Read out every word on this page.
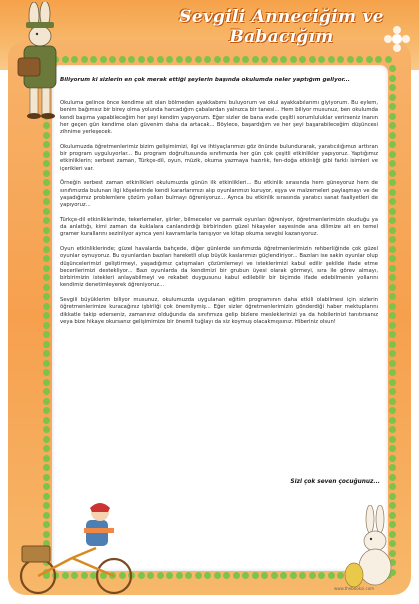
Sevgili Anneciğim ve Babacığım
Biliyorum ki sizlerin en çok merak ettiği şeylerin başında okulumda neler yaptığım geliyor...

Okuluma gelince önce kendime ait olan bölmeden ayakkabımı buluyorum ve okul ayakkabılarımı giyiyorum. Bu eylem, benim bağımsız bir birey olma yolunda harcadığım çabalardan yalnızca bir tanesi... Hem biliyor musunuz, ben okulumda kendi başıma yapabileceğim her şeyi kendim yapıyorum. Eğer sizler de bana evde çeşitli sorumluluklar verirseniz inanın her geçen gün kendime olan güvenim daha da artacak... Böylece, başardığım ve her şeyi başarabileceğim düşüncesi zihnime yerleşecek.

Okulumuzda öğretmenlerimiz bizim gelişimimizi, ilgi ve ihtiyaçlarımızı göz önünde bulundurarak, yaratıcılığımızı arttıran bir program uyguluyorlar... Bu program doğrultusunda sınıfımızda her gün çok çeşitli etkinlikler yapıyoruz. Yaptığımız etkinliklerin; serbest zaman, Türkçe-dil, oyun, müzik, okuma yazmaya hazırlık, fen-doğa etkinliği gibi farklı isimleri ve içerikleri var.

Örneğin serbest zaman etkinlikleri okulumuzda günün ilk etkinlikleri... Bu etkinlik sırasında hem güneyoruz hem de sınıfımızda bulunan ilgi köşelerinde kendi kararlarımızı alıp oyunlarımızı kuruyor, eşya ve malzemeleri paylaşmayı ve de yaşadığımız problemlere çözüm yolları bulmayı öğreniyoruz... Ayrıca bu etkinlik sırasında yaratıcı sanat faaliyetleri de yapıyoruz...

Türkçe-dil etkinliklerinde, tekerlemeler, şiirler, bilmeceler ve parmak oyunları öğreniyor, öğretmenlerimizin okuduğu ya da anlattığı, kimi zaman da kuklalara canlandırdığı birbirinden güzel hikayeler sayesinde ana dilimize ait en temel gramer kurallarını sezinliyor ayrıca yeni kavramlarla tanışıyor ve kitap okuma sevgisi kazanıyoruz.

Oyun etkinliklerinde; güzel havalarda bahçede, diğer günlerde sınıfımızda öğretmenlerimizin rehberliğinde çok güzel oyunlar oynuyoruz. Bu oyunlardan bazıları hareketli olup büyük kaslarımızı güçlendiriyor... Bazıları ise sakin oyunlar olup düşüncelerimizi geliştirmeyi, yaşadığımız çatışmaları çözümlemeyi ve isteklerimizi kabul edilir şekilde ifade etme becerilerimizi destekliyor... Bazı oyunlarda da kendimizi bir grubun üyesi olarak görmeyi, sıra ile görev almayı, birbirimizin istekleri anlayabilmeyi ve rekabet duygusunu kabul edilebilir bir biçimde ifade edebilmenin yollarını kendimiz denetimleyerek öğreniyoruz...

Sevgili büyüklerim biliyor musunuz, okulumuzda uygulanan eğitim programının daha etkili olabilmesi için sizlerin öğretmenlerimize kuracağınız işbirliği çok önemliymiş... Eğer sizler öğretmenlerimizin gönderdiği haber mektuplarını dikkatle takip ederseniz, zamanınız olduğunda da sınıfımıza gelip bizlere mesleklerinizi ya da hobilerinizi tanıtırsanız veya bize hikaye okursanız gelişimimize bir önemli tuğlayı da siz koymuş olacakmışsınız. Hiberiniz olsun!

Sizi çok seven çocuğunuz...
www.thebooksi.com
